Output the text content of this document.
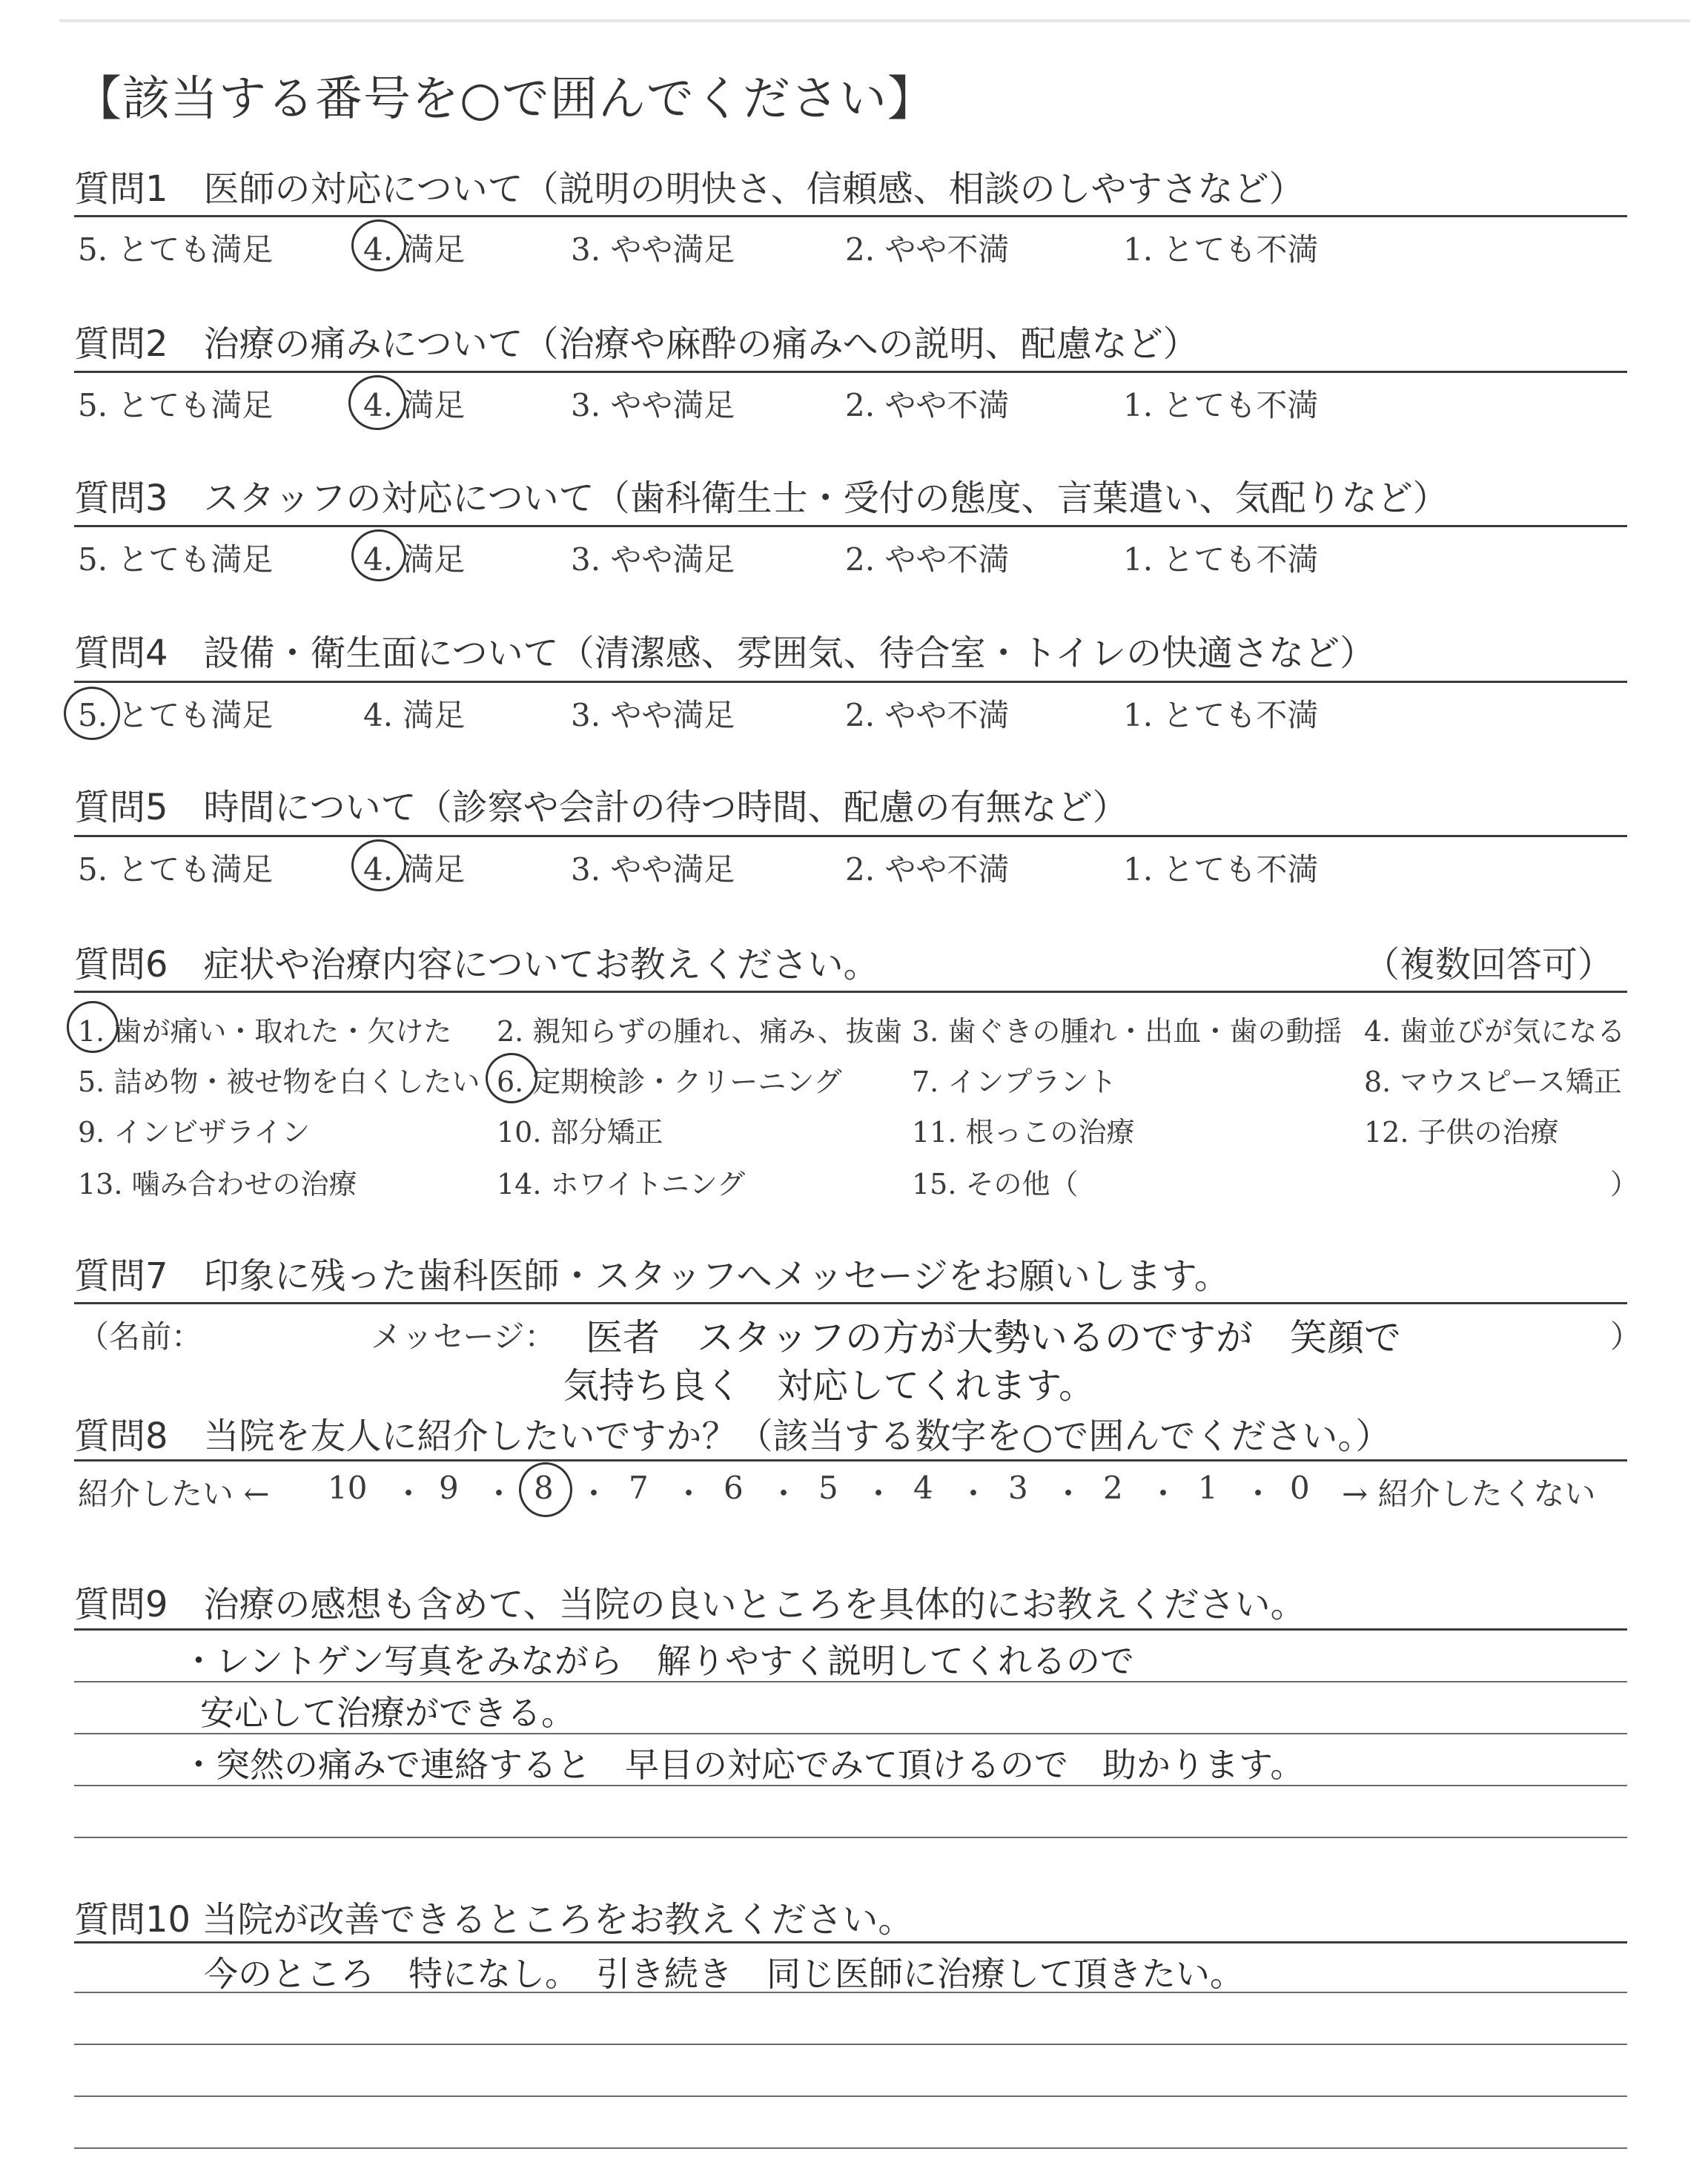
【該当する番号を○で囲んでください】
質問1　医師の対応について（説明の明快さ、信頼感、相談のしやすさなど）
5. とても満足	4. 満足	3. やや満足	2. やや不満	1. とても不満
質問2　治療の痛みについて（治療や麻酔の痛みへの説明、配慮など）
5. とても満足	4. 満足	3. やや満足	2. やや不満	1. とても不満
質問3　スタッフの対応について（歯科衛生士・受付の態度、言葉遣い、気配りなど）
5. とても満足	4. 満足	3. やや満足	2. やや不満	1. とても不満
質問4　設備・衛生面について（清潔感、雰囲気、待合室・トイレの快適さなど）
5. とても満足	4. 満足	3. やや満足	2. やや不満	1. とても不満
質問5　時間について（診察や会計の待つ時間、配慮の有無など）
5. とても満足	4. 満足	3. やや満足	2. やや不満	1. とても不満
質問6　症状や治療内容についてお教えください。	（複数回答可）
1. 歯が痛い・取れた・欠けた 2. 親知らずの腫れ、痛み、抜歯 3. 歯ぐきの腫れ・出血・歯の動揺 4. 歯並びが気になる
5. 詰め物・被せ物を白くしたい 6. 定期検診・クリーニング 7. インプラント	8. マウスピース矯正
9. インビザライン	10. 部分矯正	11. 根っこの治療	12. 子供の治療
13. 噛み合わせの治療	14. ホワイトニング	15. その他（	）
質問7　印象に残った歯科医師・スタッフへメッセージをお願いします。
（名前：	メッセージ：	）
医者　スタッフの方が大勢いるのですが　笑顔で
気持ち良く　対応してくれます。
質問8　当院を友人に紹介したいですか？（該当する数字を○で囲んでください。）
紹介したい ← 10 ・ 9 ・ 8 ・ 7 ・ 6 ・ 5 ・ 4 ・ 3 ・ 2 ・ 1 ・ 0 → 紹介したくない
質問9　治療の感想も含めて、当院の良いところを具体的にお教えください。
・レントゲン写真をみながら　解りやすく説明してくれるので
安心して治療ができる。
・突然の痛みで連絡すると　早目の対応でみて頂けるので　助かります。
質問10 当院が改善できるところをお教えください。
今のところ　特になし。　引き続き　同じ医師に治療して頂きたい。
